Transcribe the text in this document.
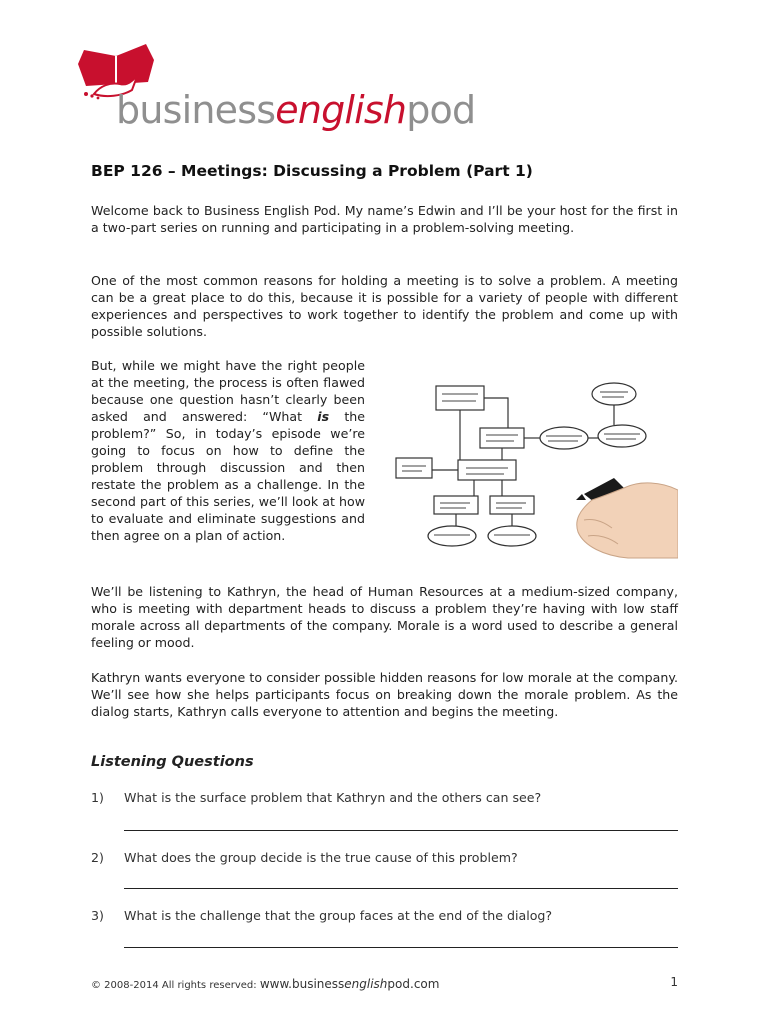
businessenglishpod
BEP 126 – Meetings: Discussing a Problem (Part 1)

Welcome back to Business English Pod. My name’s Edwin and I’ll be your host for the first in a two-part series on running and participating in a problem-solving meeting.

One of the most common reasons for holding a meeting is to solve a problem. A meeting can be a great place to do this, because it is possible for a variety of people with different experiences and perspectives to work together to identify the problem and come up with possible solutions.

But, while we might have the right people at the meeting, the process is often flawed because one question hasn’t clearly been asked and answered: “What is the problem?” So, in today’s episode we’re going to focus on how to define the problem through discussion and then restate the problem as a challenge. In the second part of this series, we’ll look at how to evaluate and eliminate suggestions and then agree on a plan of action.

We’ll be listening to Kathryn, the head of Human Resources at a medium-sized company, who is meeting with department heads to discuss a problem they’re having with low staff morale across all departments of the company. Morale is a word used to describe a general feeling or mood.

Kathryn wants everyone to consider possible hidden reasons for low morale at the company. We’ll see how she helps participants focus on breaking down the morale problem. As the dialog starts, Kathryn calls everyone to attention and begins the meeting.

Listening Questions
1) What is the surface problem that Kathryn and the others can see?
2) What does the group decide is the true cause of this problem?
3) What is the challenge that the group faces at the end of the dialog?
© 2008-2014 All rights reserved: www.businessenglishpod.com	1
